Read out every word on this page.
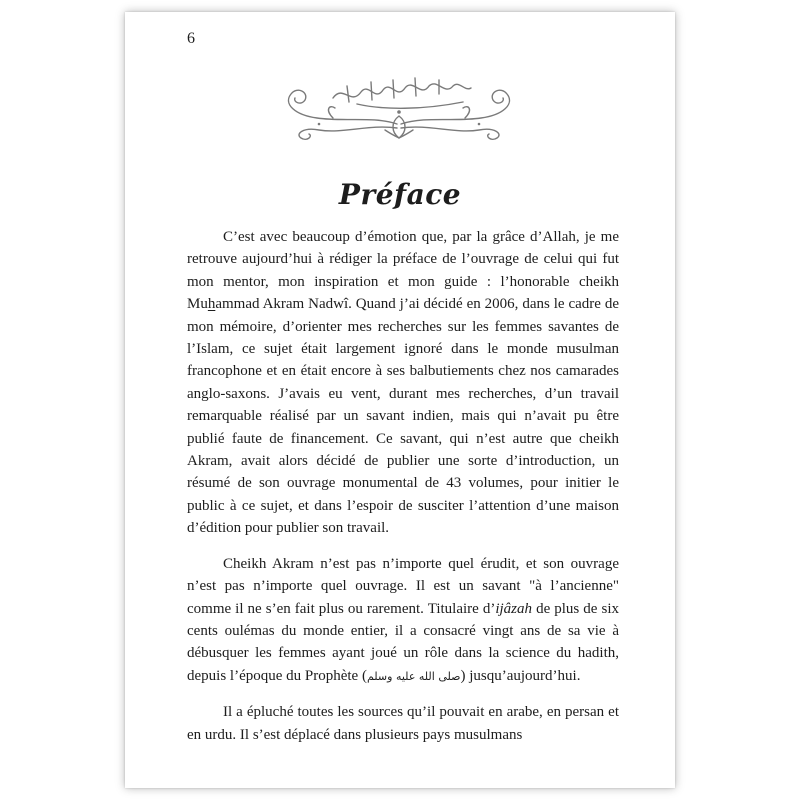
6

Préface

C’est avec beaucoup d’émotion que, par la grâce d’Allah, je me retrouve aujourd’hui à rédiger la préface de l’ouvrage de celui qui fut mon mentor, mon inspiration et mon guide : l’honorable cheikh Muhammad Akram Nadwî. Quand j’ai décidé en 2006, dans le cadre de mon mémoire, d’orienter mes recherches sur les femmes savantes de l’Islam, ce sujet était largement ignoré dans le monde musulman francophone et en était encore à ses balbutiements chez nos camarades anglo-saxons. J’avais eu vent, durant mes recherches, d’un travail remarquable réalisé par un savant indien, mais qui n’avait pu être publié faute de financement. Ce savant, qui n’est autre que cheikh Akram, avait alors décidé de publier une sorte d’introduction, un résumé de son ouvrage monumental de 43 volumes, pour initier le public à ce sujet, et dans l’espoir de susciter l’attention d’une maison d’édition pour publier son travail.

Cheikh Akram n’est pas n’importe quel érudit, et son ouvrage n’est pas n’importe quel ouvrage. Il est un savant "à l’ancienne" comme il ne s’en fait plus ou rarement. Titulaire d’ijâzah de plus de six cents oulémas du monde entier, il a consacré vingt ans de sa vie à débusquer les femmes ayant joué un rôle dans la science du hadith, depuis l’époque du Prophète (صلى الله عليه وسلم) jusqu’aujourd’hui.

Il a épluché toutes les sources qu’il pouvait en arabe, en persan et en urdu. Il s’est déplacé dans plusieurs pays musulmans
